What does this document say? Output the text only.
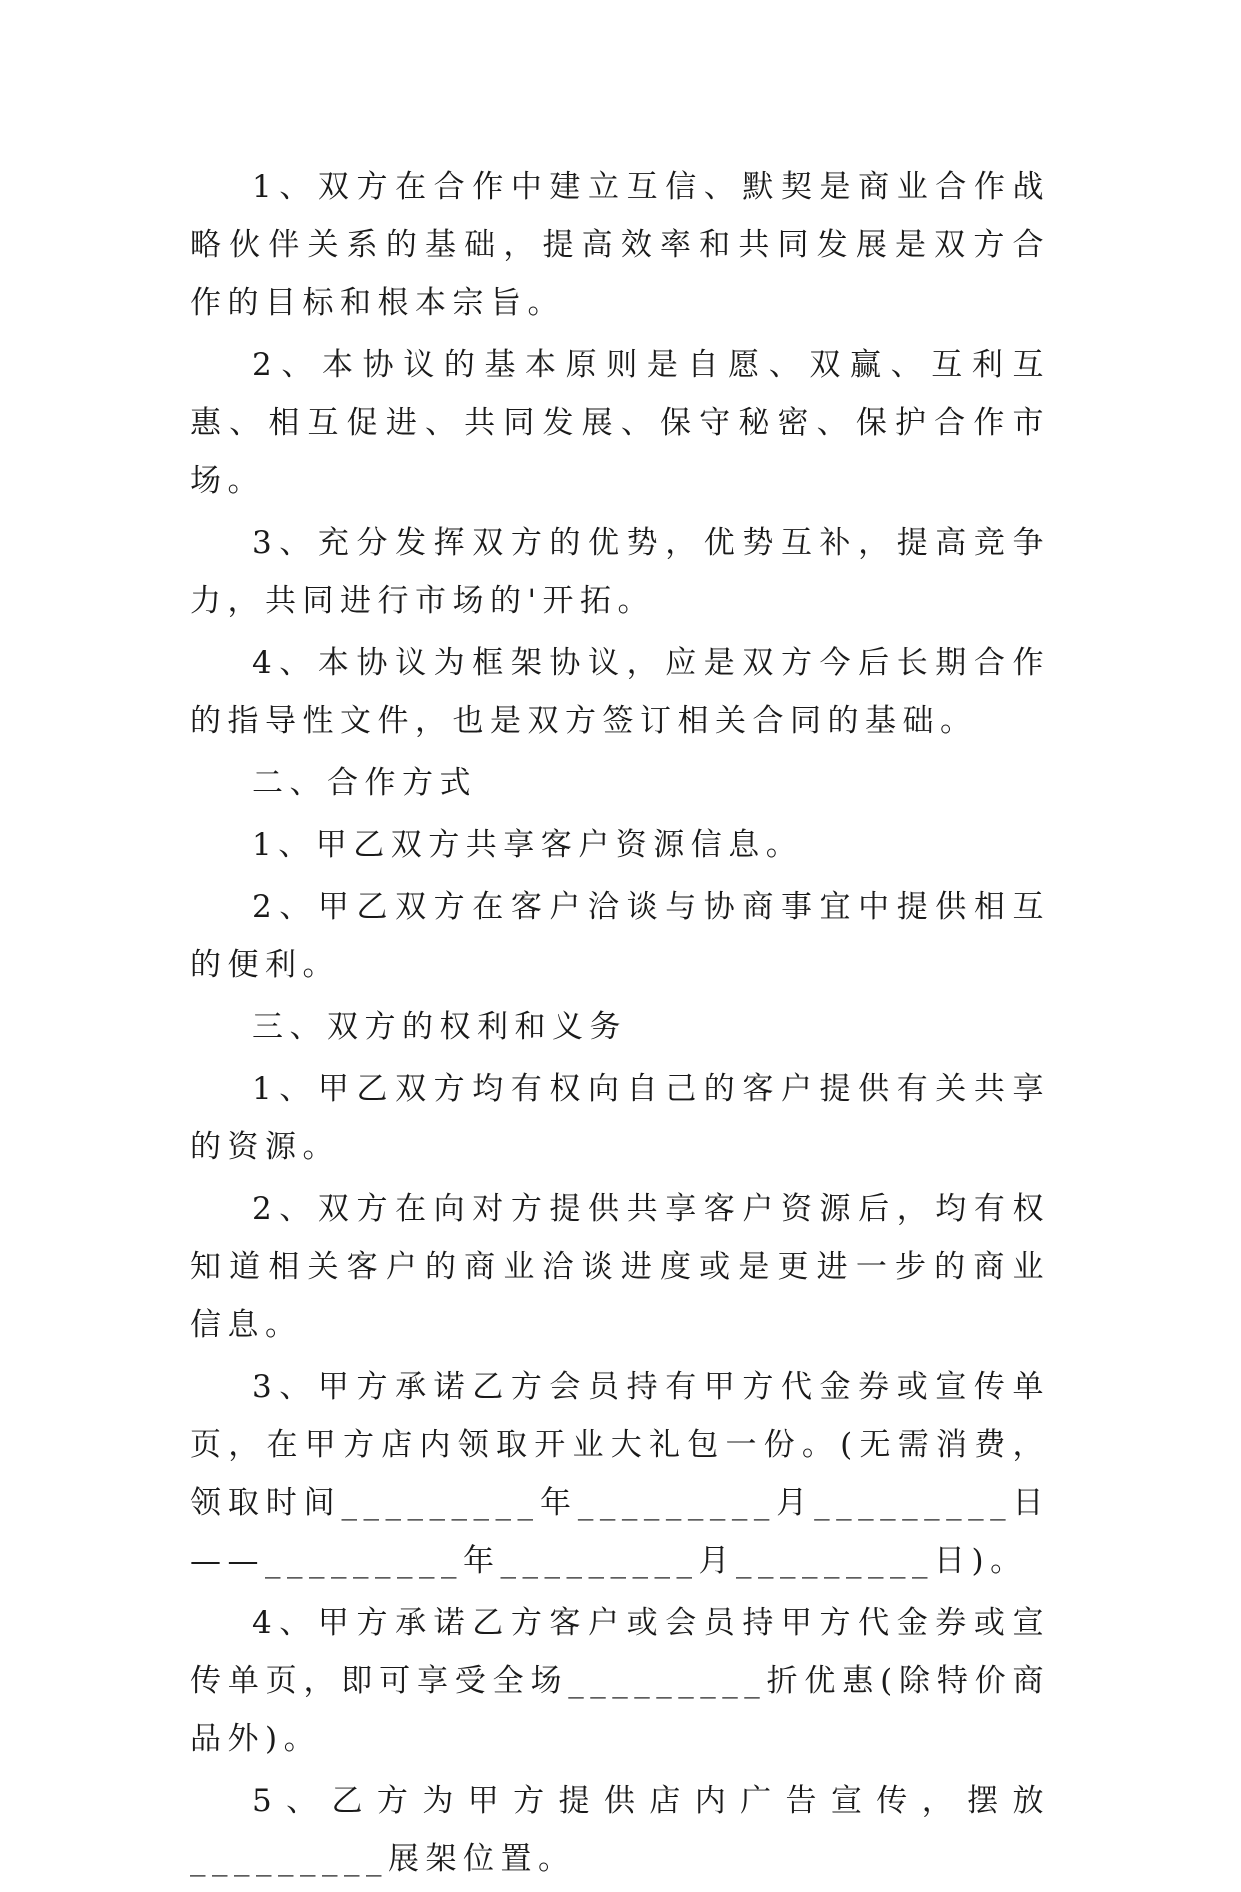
1、双方在合作中建立互信、默契是商业合作战略伙伴关系的基础，提高效率和共同发展是双方合作的目标和根本宗旨。

2、本协议的基本原则是自愿、双赢、互利互惠、相互促进、共同发展、保守秘密、保护合作市场。

3、充分发挥双方的优势，优势互补，提高竞争力，共同进行市场的'开拓。

4、本协议为框架协议，应是双方今后长期合作的指导性文件，也是双方签订相关合同的基础。

二、合作方式

1、甲乙双方共享客户资源信息。

2、甲乙双方在客户洽谈与协商事宜中提供相互的便利。

三、双方的权利和义务

1、甲乙双方均有权向自己的客户提供有关共享的资源。

2、双方在向对方提供共享客户资源后，均有权知道相关客户的商业洽谈进度或是更进一步的商业信息。

3、甲方承诺乙方会员持有甲方代金券或宣传单页，在甲方店内领取开业大礼包一份。(无需消费，领取时间_________年_________月_________日——_________年_________月_________日)。

4、甲方承诺乙方客户或会员持甲方代金券或宣传单页，即可享受全场_________折优惠(除特价商品外)。

5、乙方为甲方提供店内广告宣传，摆放_________展架位置。
